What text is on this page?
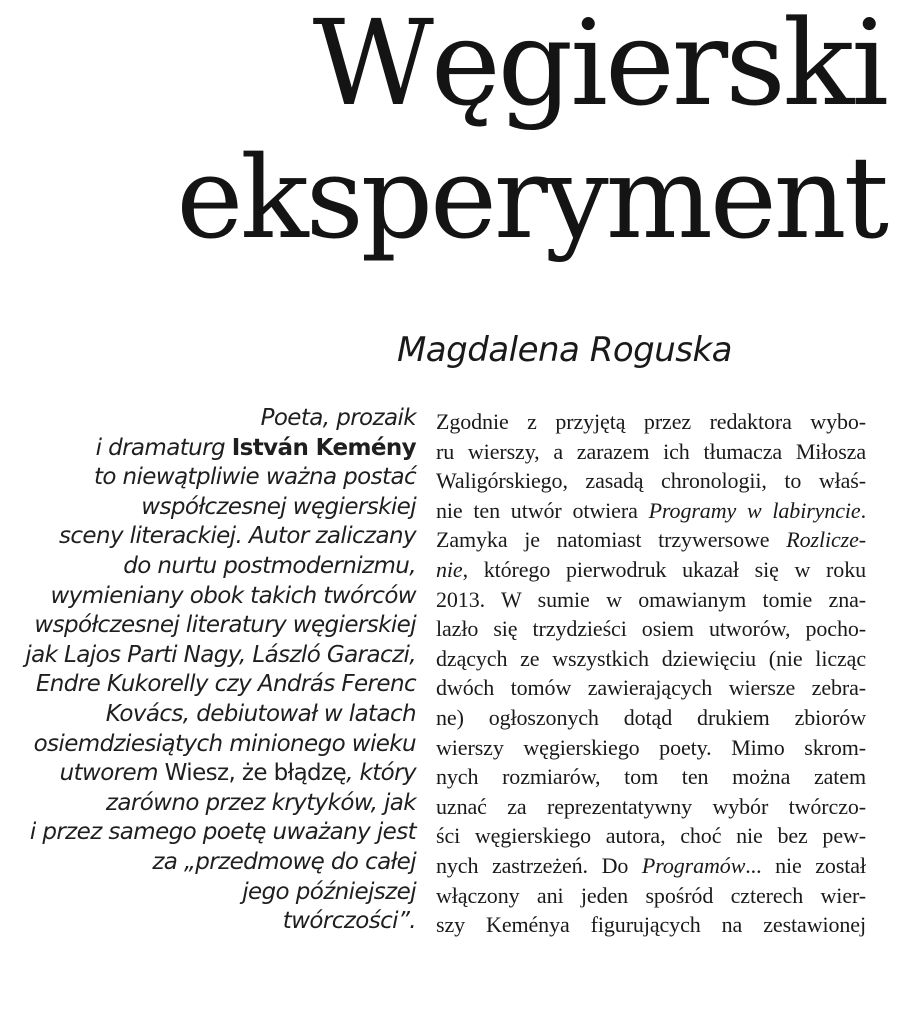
Węgierski
eksperyment

Magdalena Roguska

Poeta, prozaik
i dramaturg István Kemény
to niewątpliwie ważna postać
współczesnej węgierskiej
sceny literackiej. Autor zaliczany
do nurtu postmodernizmu,
wymieniany obok takich twórców
współczesnej literatury węgierskiej
jak Lajos Parti Nagy, László Garaczi,
Endre Kukorelly czy András Ferenc
Kovács, debiutował w latach
osiemdziesiątych minionego wieku
utworem Wiesz, że błądzę, który
zarówno przez krytyków, jak
i przez samego poetę uważany jest
za „przedmowę do całej
jego późniejszej
twórczości”.
Zgodnie z przyjętą przez redaktora wybo-
ru wierszy, a zarazem ich tłumacza Miłosza
Waligórskiego, zasadą chronologii, to właś-
nie ten utwór otwiera Programy w labiryncie.
Zamyka je natomiast trzywersowe Rozlicze-
nie, którego pierwodruk ukazał się w roku
2013. W sumie w omawianym tomie zna-
lazło się trzydzieści osiem utworów, pocho-
dzących ze wszystkich dziewięciu (nie licząc
dwóch tomów zawierających wiersze zebra-
ne) ogłoszonych dotąd drukiem zbiorów
wierszy węgierskiego poety. Mimo skrom-
nych rozmiarów, tom ten można zatem
uznać za reprezentatywny wybór twórczo-
ści węgierskiego autora, choć nie bez pew-
nych zastrzeżeń. Do Programów... nie został
włączony ani jeden spośród czterech wier-
szy Keménya figurujących na zestawionej
